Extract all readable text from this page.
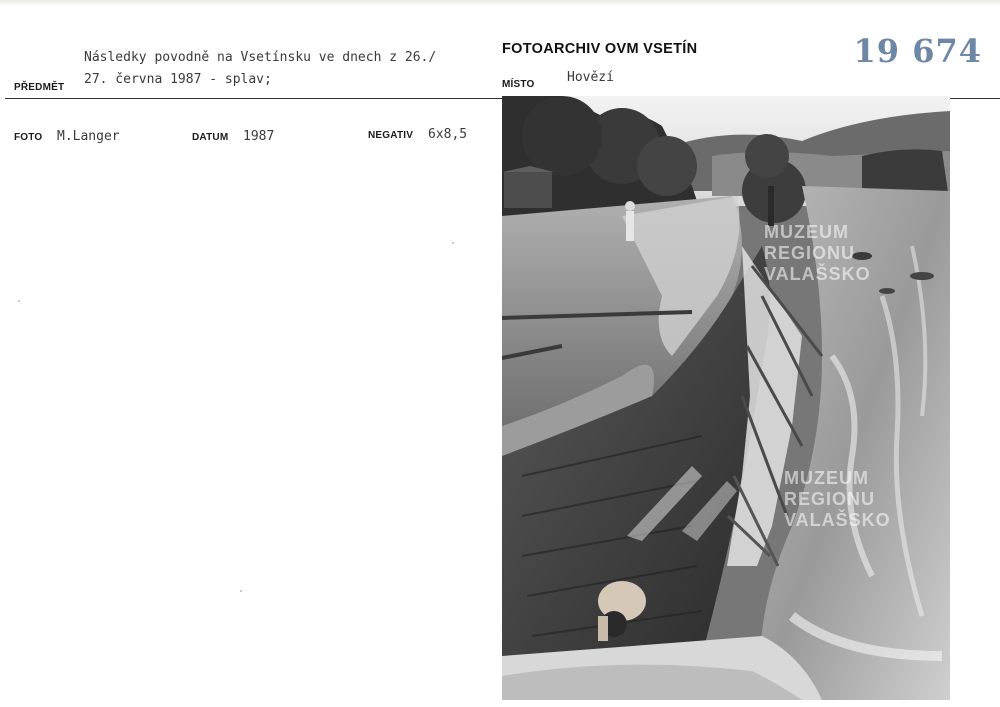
Následky povodně na Vsetínsku ve dnech z 26./
27. června 1987 - splav;
PŘEDMĚT
FOTOARCHIV OVM VSETÍN
MÍSTO	Hovězí
19 674
FOTO M.Langer	DATUM 1987	NEGATIV 6x8,5
MUZEUM
REGIONU
VALAŠSKO
MUZEUM
REGIONU
VALAŠSKO
